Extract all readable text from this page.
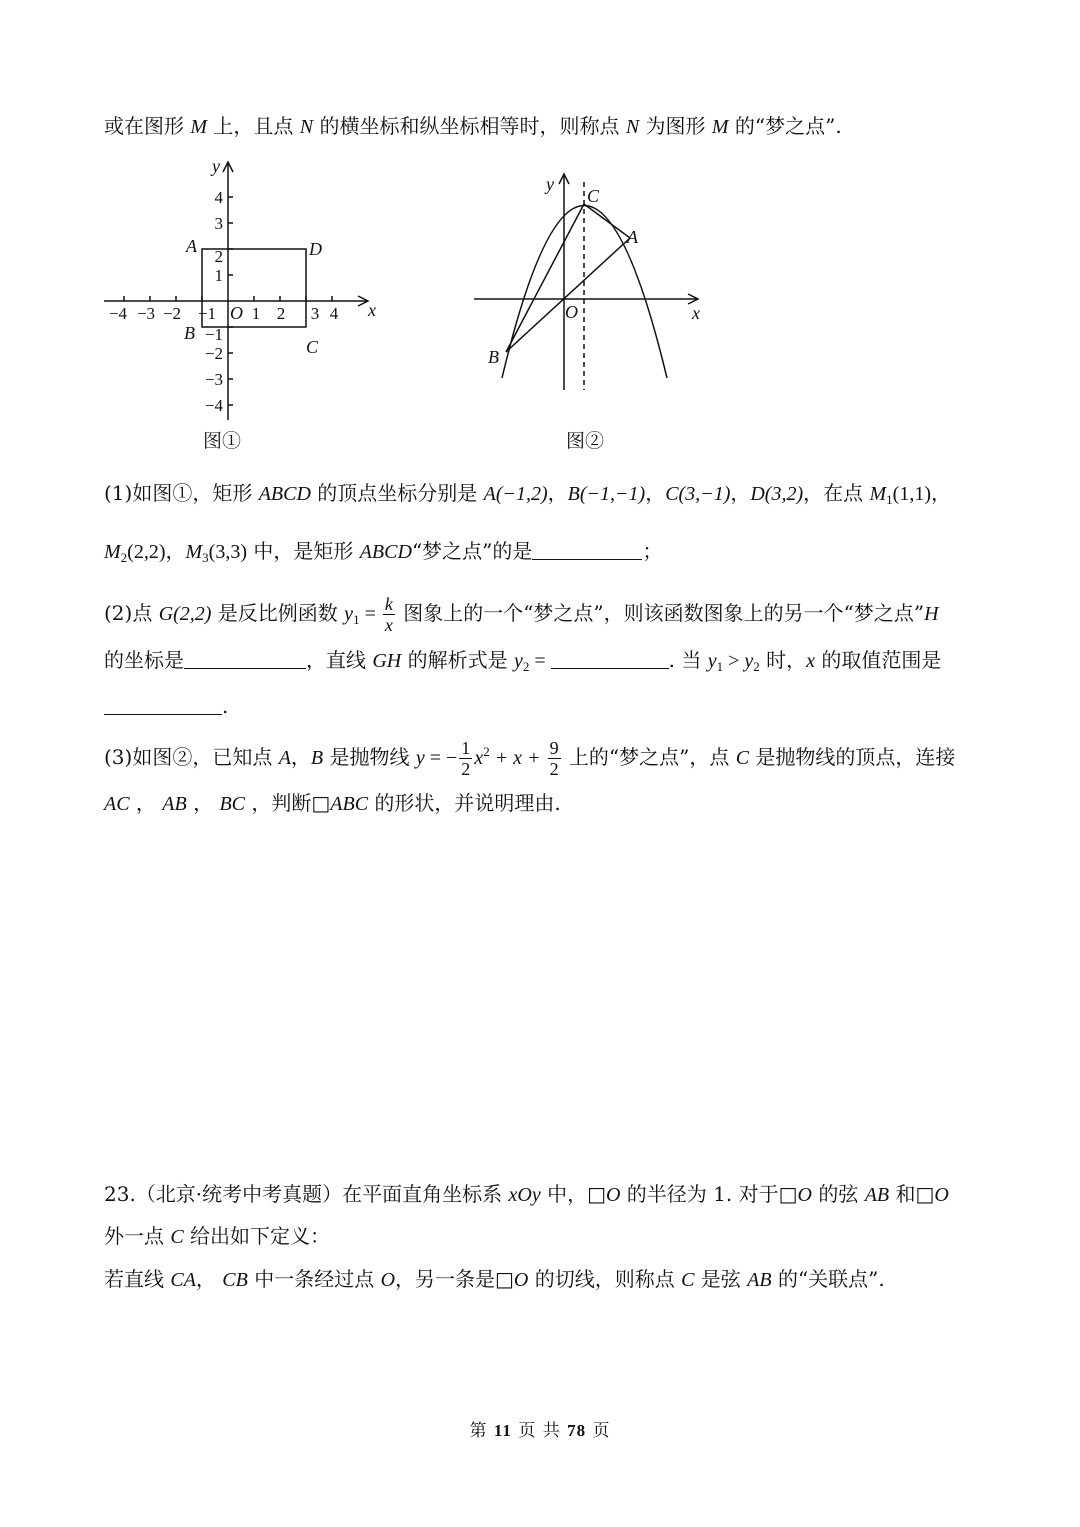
或在图形 M 上，且点 N 的横坐标和纵坐标相等时，则称点 N 为图形 M 的“梦之点”.
x
y
O
A
B
C
D
−4 −3 −2 −1 1 2 3 4
4
3
2
1
−1
−2
−3
−4
图①
x
y
O
C
A
B
图②
(1)如图①，矩形 ABCD 的顶点坐标分别是 A(−1,2)，B(−1,−1)，C(3,−1)，D(3,2)，在点 $M_1(1,1)$，
$M_2(2,2)$，$M_3(3,3)$ 中，是矩形 ABCD“梦之点”的是	；
(2)点 G(2,2) 是反比例函数 $y_1 = \frac{k}{x}$ 图象上的一个“梦之点”，则该函数图象上的另一个“梦之点”H
的坐标是	，直线 GH 的解析式是 $y_2$ =	. 当 $y_1 > y_2$ 时，x 的取值范围是
.
(3)如图②，已知点 A，B 是抛物线 y = − $\frac{1}{2} x^2 + x + \frac{9}{2}$ 上的“梦之点”，点 C 是抛物线的顶点，连接
AC ， AB ， BC ，判断□ABC 的形状，并说明理由.
23.（北京·统考中考真题）在平面直角坐标系 xOy 中，□O 的半径为 1. 对于□O 的弦 AB 和□O
外一点 C 给出如下定义：
若直线 CA， CB 中一条经过点 O，另一条是□O 的切线，则称点 C 是弦 AB 的“关联点”.
第 11 页 共 78 页
